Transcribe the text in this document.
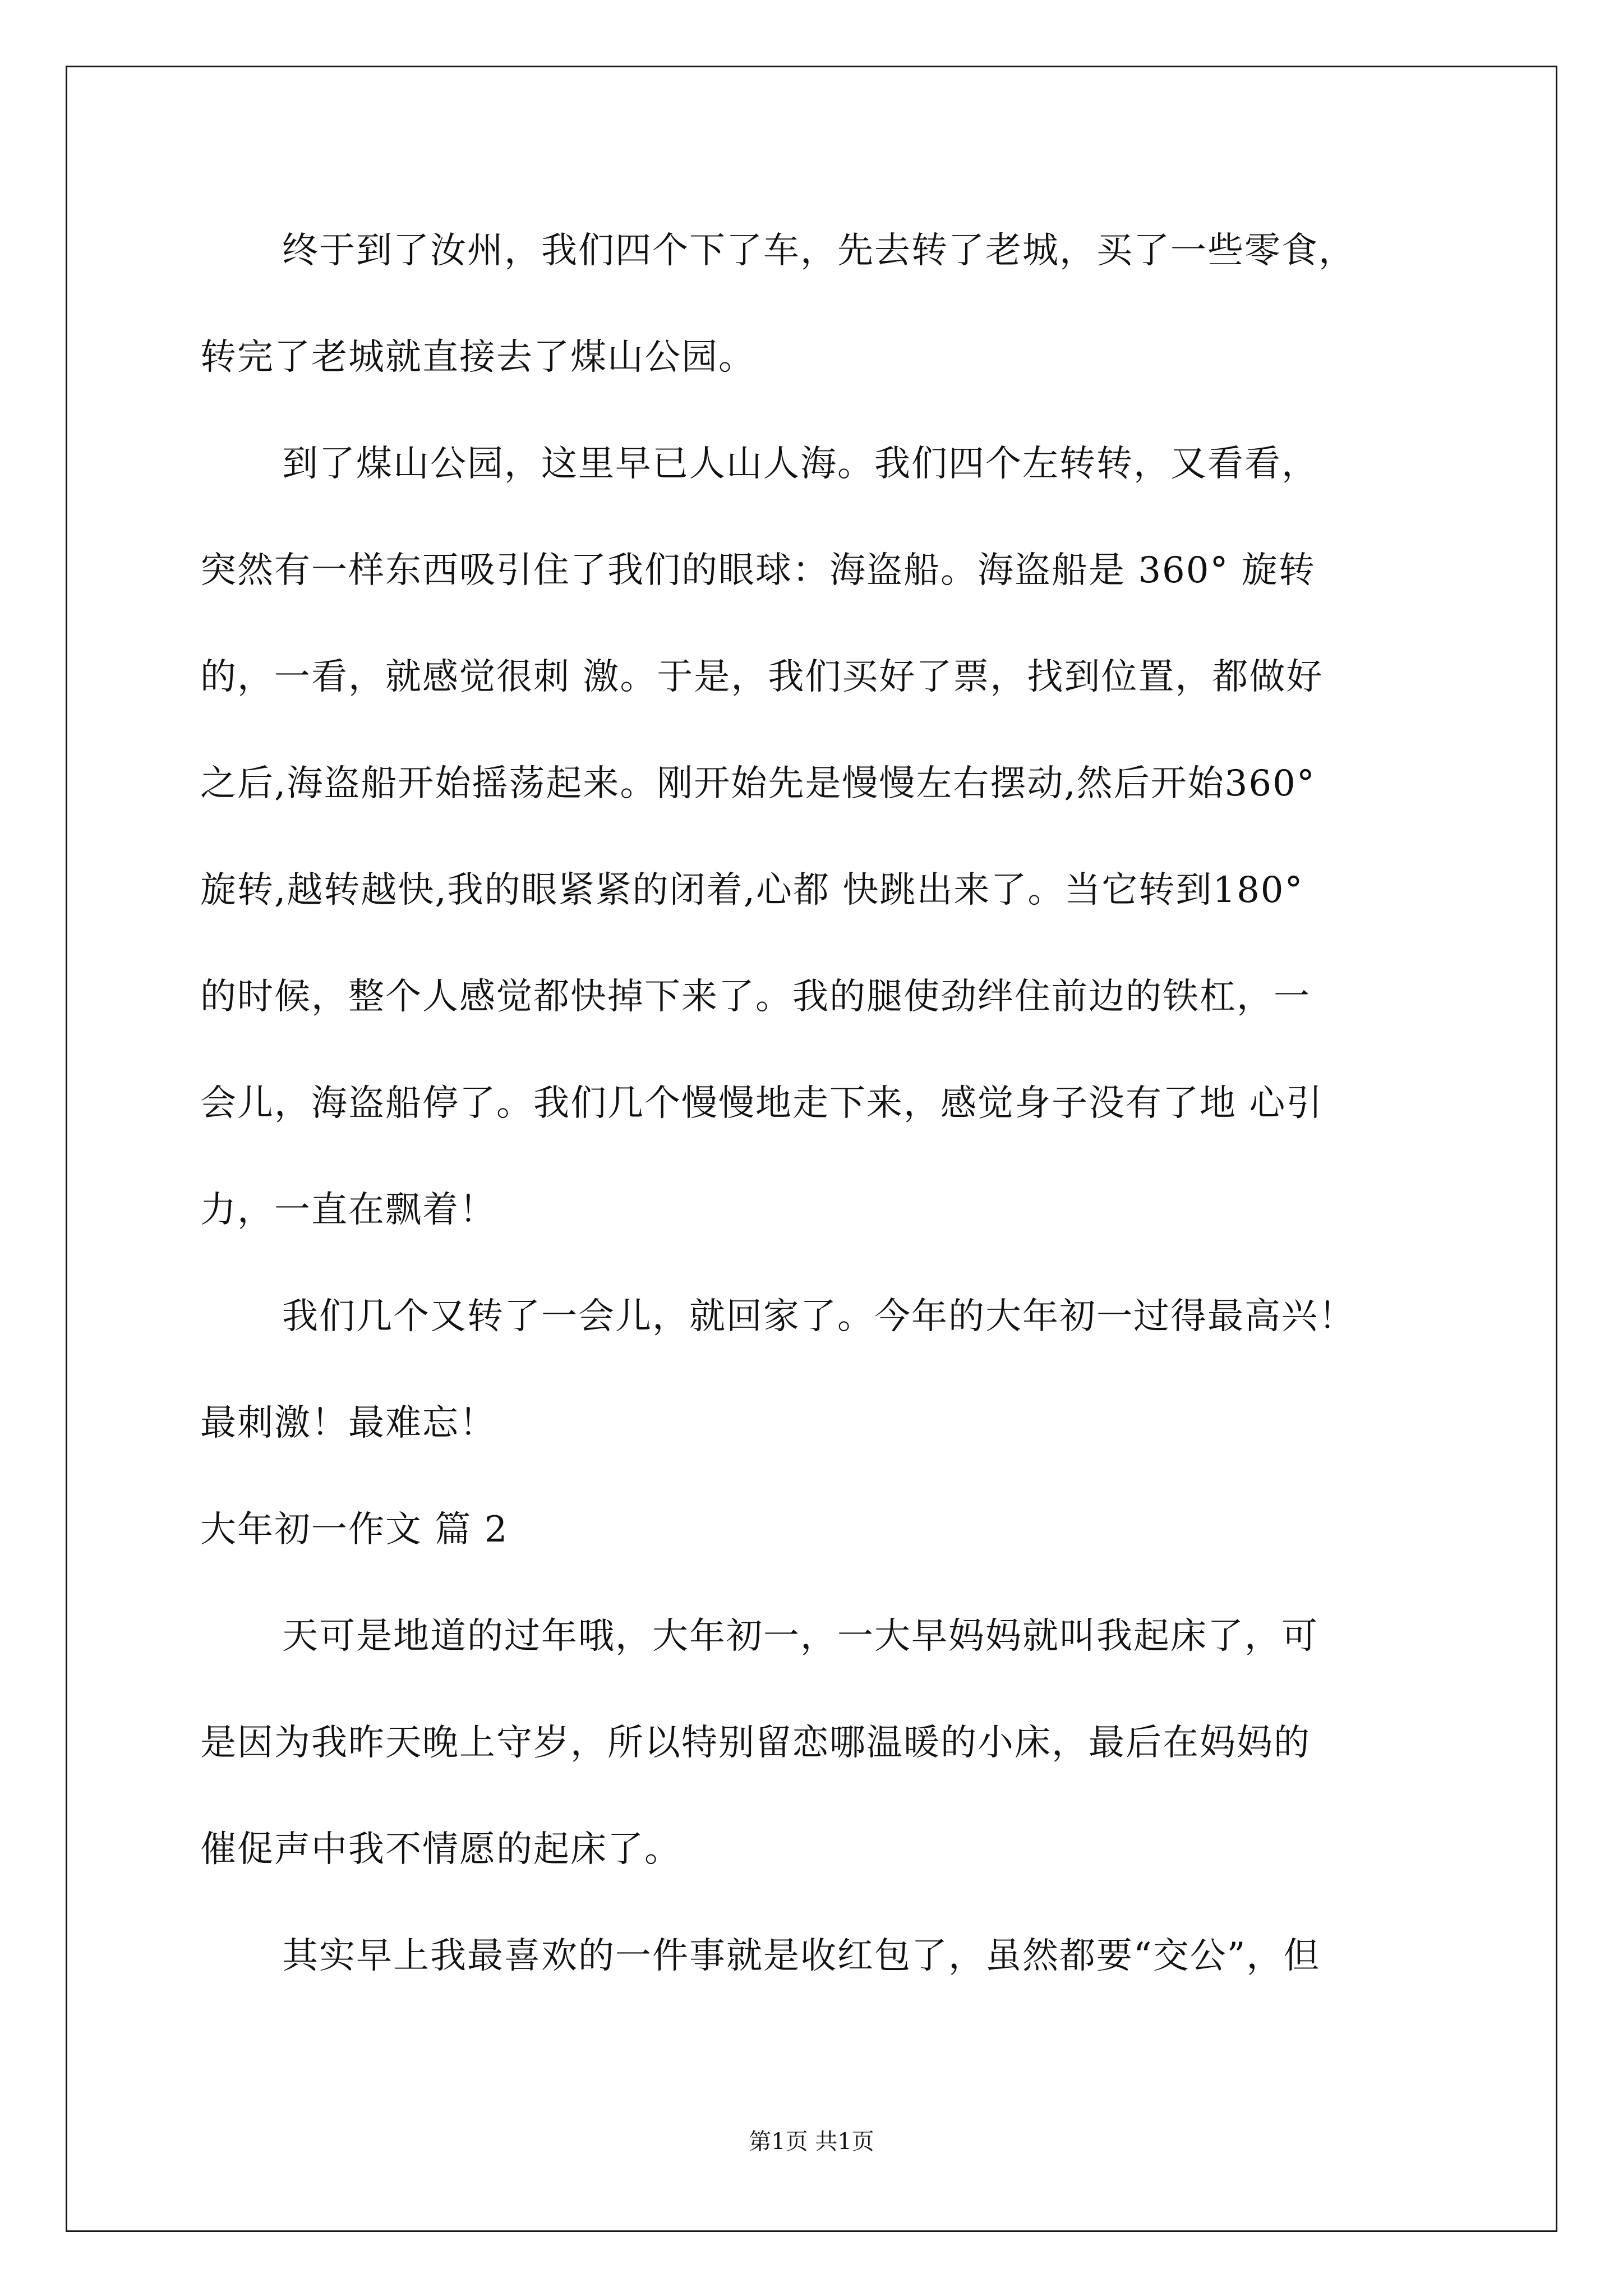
终于到了汝州，我们四个下了车，先去转了老城，买了一些零食，
转完了老城就直接去了煤山公园。
到了煤山公园，这里早已人山人海。我们四个左转转，又看看，
突然有一样东西吸引住了我们的眼球：海盗船。海盗船是 360° 旋转
的，一看，就感觉很刺 激。于是，我们买好了票，找到位置，都做好
之后,海盗船开始摇荡起来。刚开始先是慢慢左右摆动,然后开始360°
旋转,越转越快,我的眼紧紧的闭着,心都 快跳出来了。当它转到180°
的时候，整个人感觉都快掉下来了。我的腿使劲绊住前边的铁杠，一
会儿，海盗船停了。我们几个慢慢地走下来，感觉身子没有了地 心引
力，一直在飘着！
我们几个又转了一会儿，就回家了。今年的大年初一过得最高兴！
最刺激！最难忘！
大年初一作文 篇 2
天可是地道的过年哦，大年初一，一大早妈妈就叫我起床了，可
是因为我昨天晚上守岁，所以特别留恋哪温暖的小床，最后在妈妈的
催促声中我不情愿的起床了。
其实早上我最喜欢的一件事就是收红包了，虽然都要“交公”，但
第1页 共1页
